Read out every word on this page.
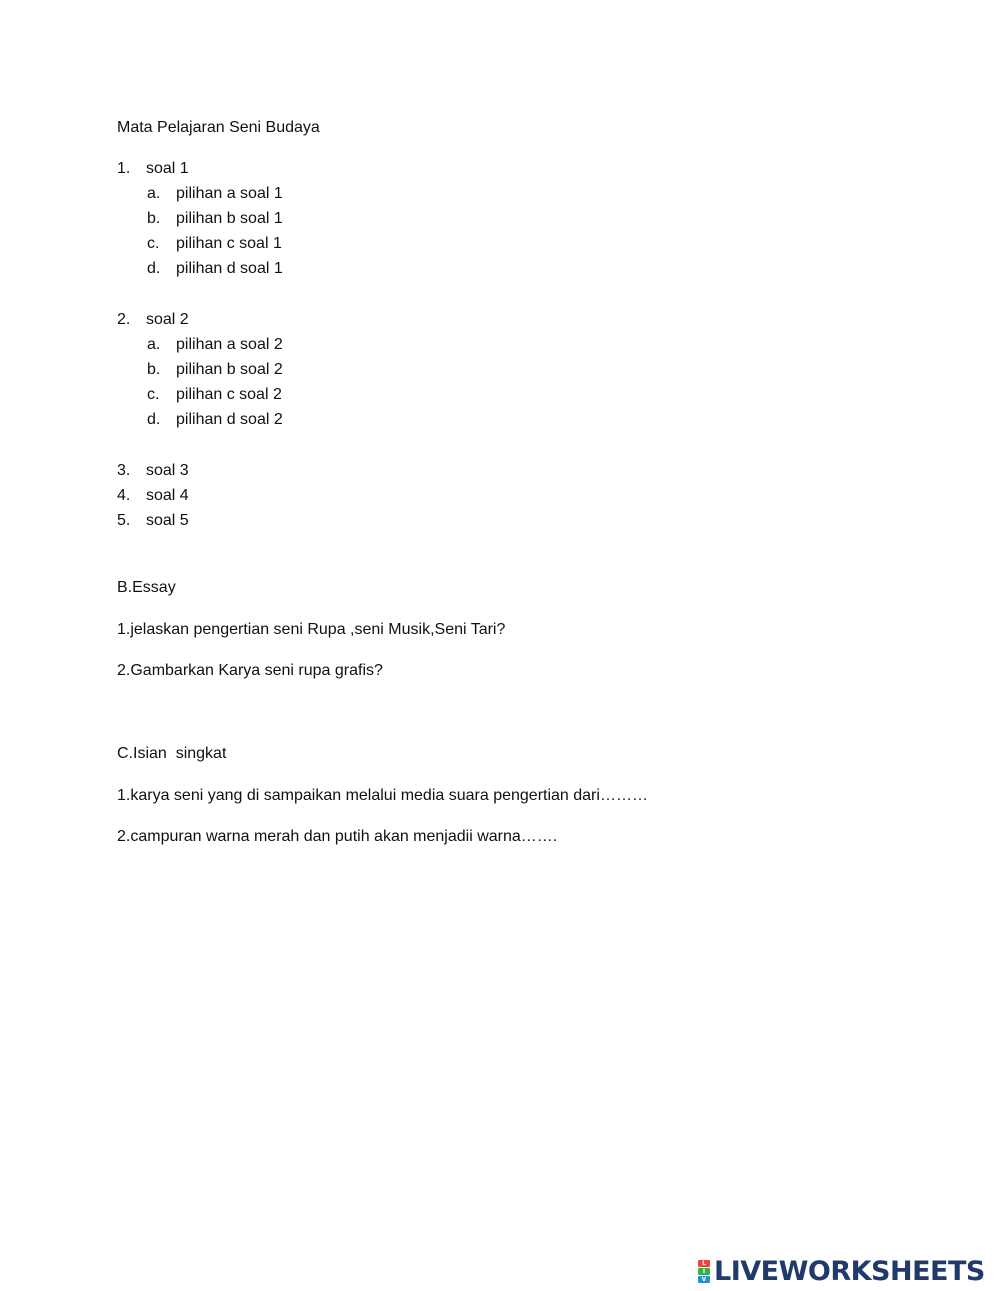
Mata Pelajaran Seni Budaya
1. soal 1
a. pilihan a soal 1
b. pilihan b soal 1
c. pilihan c soal 1
d. pilihan d soal 1
2. soal 2
a. pilihan a soal 2
b. pilihan b soal 2
c. pilihan c soal 2
d. pilihan d soal 2
3. soal 3
4. soal 4
5. soal 5
B.Essay
1.jelaskan pengertian seni Rupa ,seni Musik,Seni Tari?
2.Gambarkan Karya seni rupa grafis?
C.Isian  singkat
1.karya seni yang di sampaikan melalui media suara pengertian dari………
2.campuran warna merah dan putih akan menjadii warna…….
L
I
V LIVEWORKSHEETS
